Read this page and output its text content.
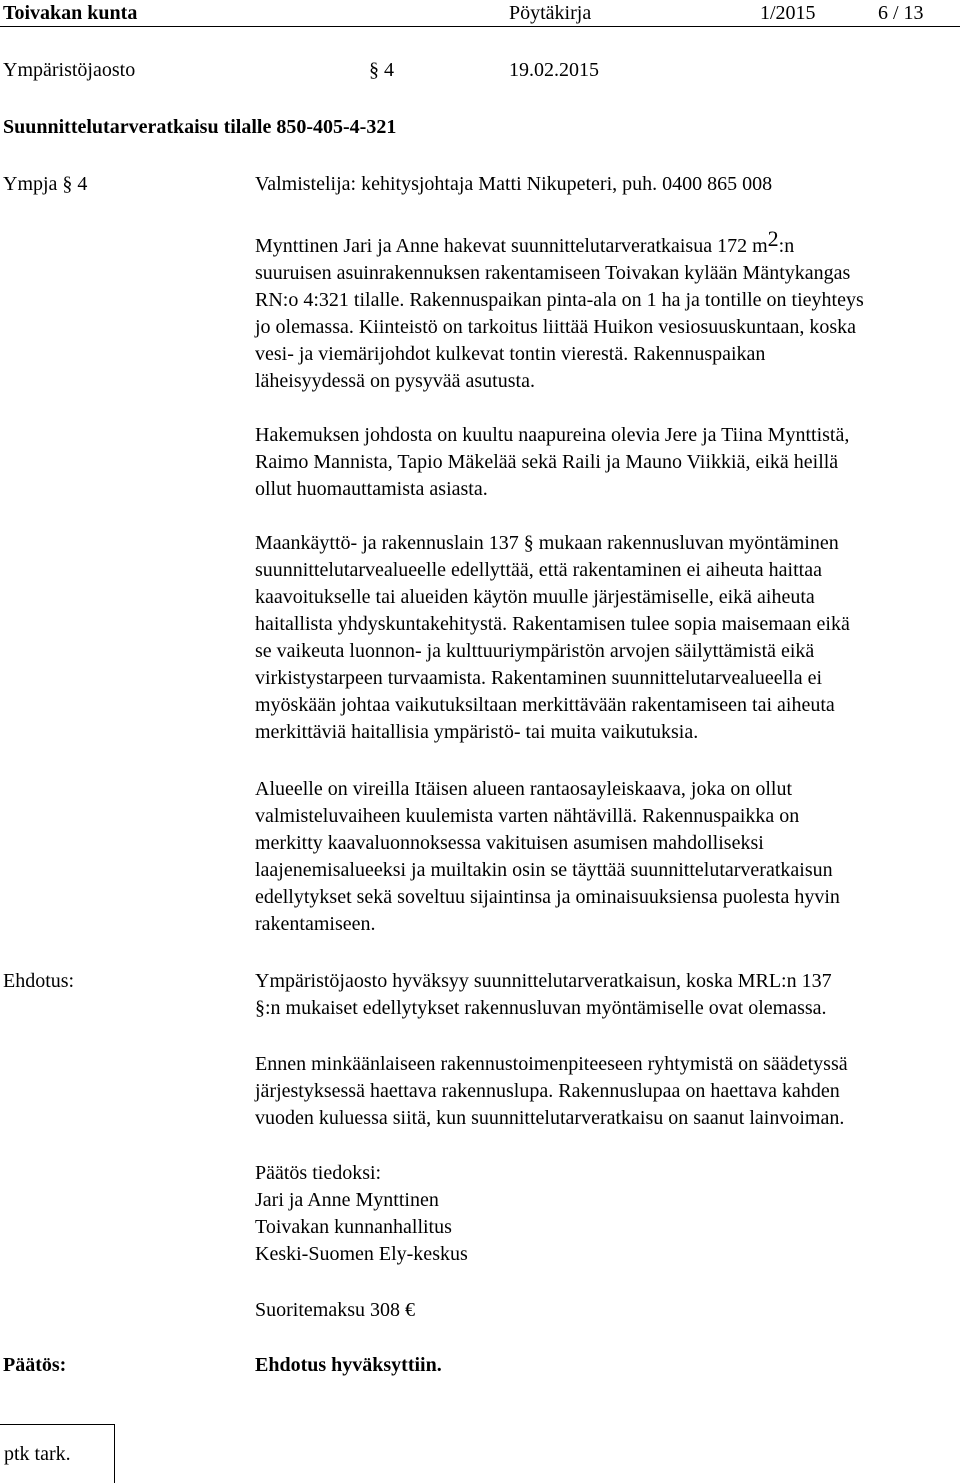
Toivakan kunta	Pöytäkirja	1/2015	6 / 13
Ympäristöjaosto	§ 4	19.02.2015
Suunnittelutarveratkaisu tilalle 850-405-4-321
Ympja § 4	Valmistelija: kehitysjohtaja Matti Nikupeteri, puh. 0400 865 008
Mynttinen Jari ja Anne hakevat suunnittelutarveratkaisua 172 $m^2:n$
suuruisen asuinrakennuksen rakentamiseen Toivakan kylään Mäntykangas
RN:o 4:321 tilalle. Rakennuspaikan pinta-ala on 1 ha ja tontille on tieyhteys
jo olemassa. Kiinteistö on tarkoitus liittää Huikon vesiosuuskuntaan, koska
vesi- ja viemärijohdot kulkevat tontin vierestä. Rakennuspaikan
läheisyydessä on pysyvää asutusta.
Hakemuksen johdosta on kuultu naapureina olevia Jere ja Tiina Mynttistä,
Raimo Mannista, Tapio Mäkelää sekä Raili ja Mauno Viikkiä, eikä heillä
ollut huomauttamista asiasta.
Maankäyttö- ja rakennuslain 137 § mukaan rakennusluvan myöntäminen
suunnittelutarvealueelle edellyttää, että rakentaminen ei aiheuta haittaa
kaavoitukselle tai alueiden käytön muulle järjestämiselle, eikä aiheuta
haitallista yhdyskuntakehitystä. Rakentamisen tulee sopia maisemaan eikä
se vaikeuta luonnon- ja kulttuuriympäristön arvojen säilyttämistä eikä
virkistystarpeen turvaamista. Rakentaminen suunnittelutarvealueella ei
myöskään johtaa vaikutuksiltaan merkittävään rakentamiseen tai aiheuta
merkittäviä haitallisia ympäristö- tai muita vaikutuksia.
Alueelle on vireilla Itäisen alueen rantaosayleiskaava, joka on ollut
valmisteluvaiheen kuulemista varten nähtävillä. Rakennuspaikka on
merkitty kaavaluonnoksessa vakituisen asumisen mahdolliseksi
laajenemisalueeksi ja muiltakin osin se täyttää suunnittelutarveratkaisun
edellytykset sekä soveltuu sijaintinsa ja ominaisuuksiensa puolesta hyvin
rakentamiseen.
Ehdotus:	Ympäristöjaosto hyväksyy suunnittelutarveratkaisun, koska MRL:n 137
§:n mukaiset edellytykset rakennusluvan myöntämiselle ovat olemassa.
Ennen minkäänlaiseen rakennustoimenpiteeseen ryhtymistä on säädetyssä
järjestyksessä haettava rakennuslupa. Rakennuslupaa on haettava kahden
vuoden kuluessa siitä, kun suunnittelutarveratkaisu on saanut lainvoiman.
Päätös tiedoksi:
Jari ja Anne Mynttinen
Toivakan kunnanhallitus
Keski-Suomen Ely-keskus
Suoritemaksu 308 €
Päätös:	Ehdotus hyväksyttiin.
ptk tark.
